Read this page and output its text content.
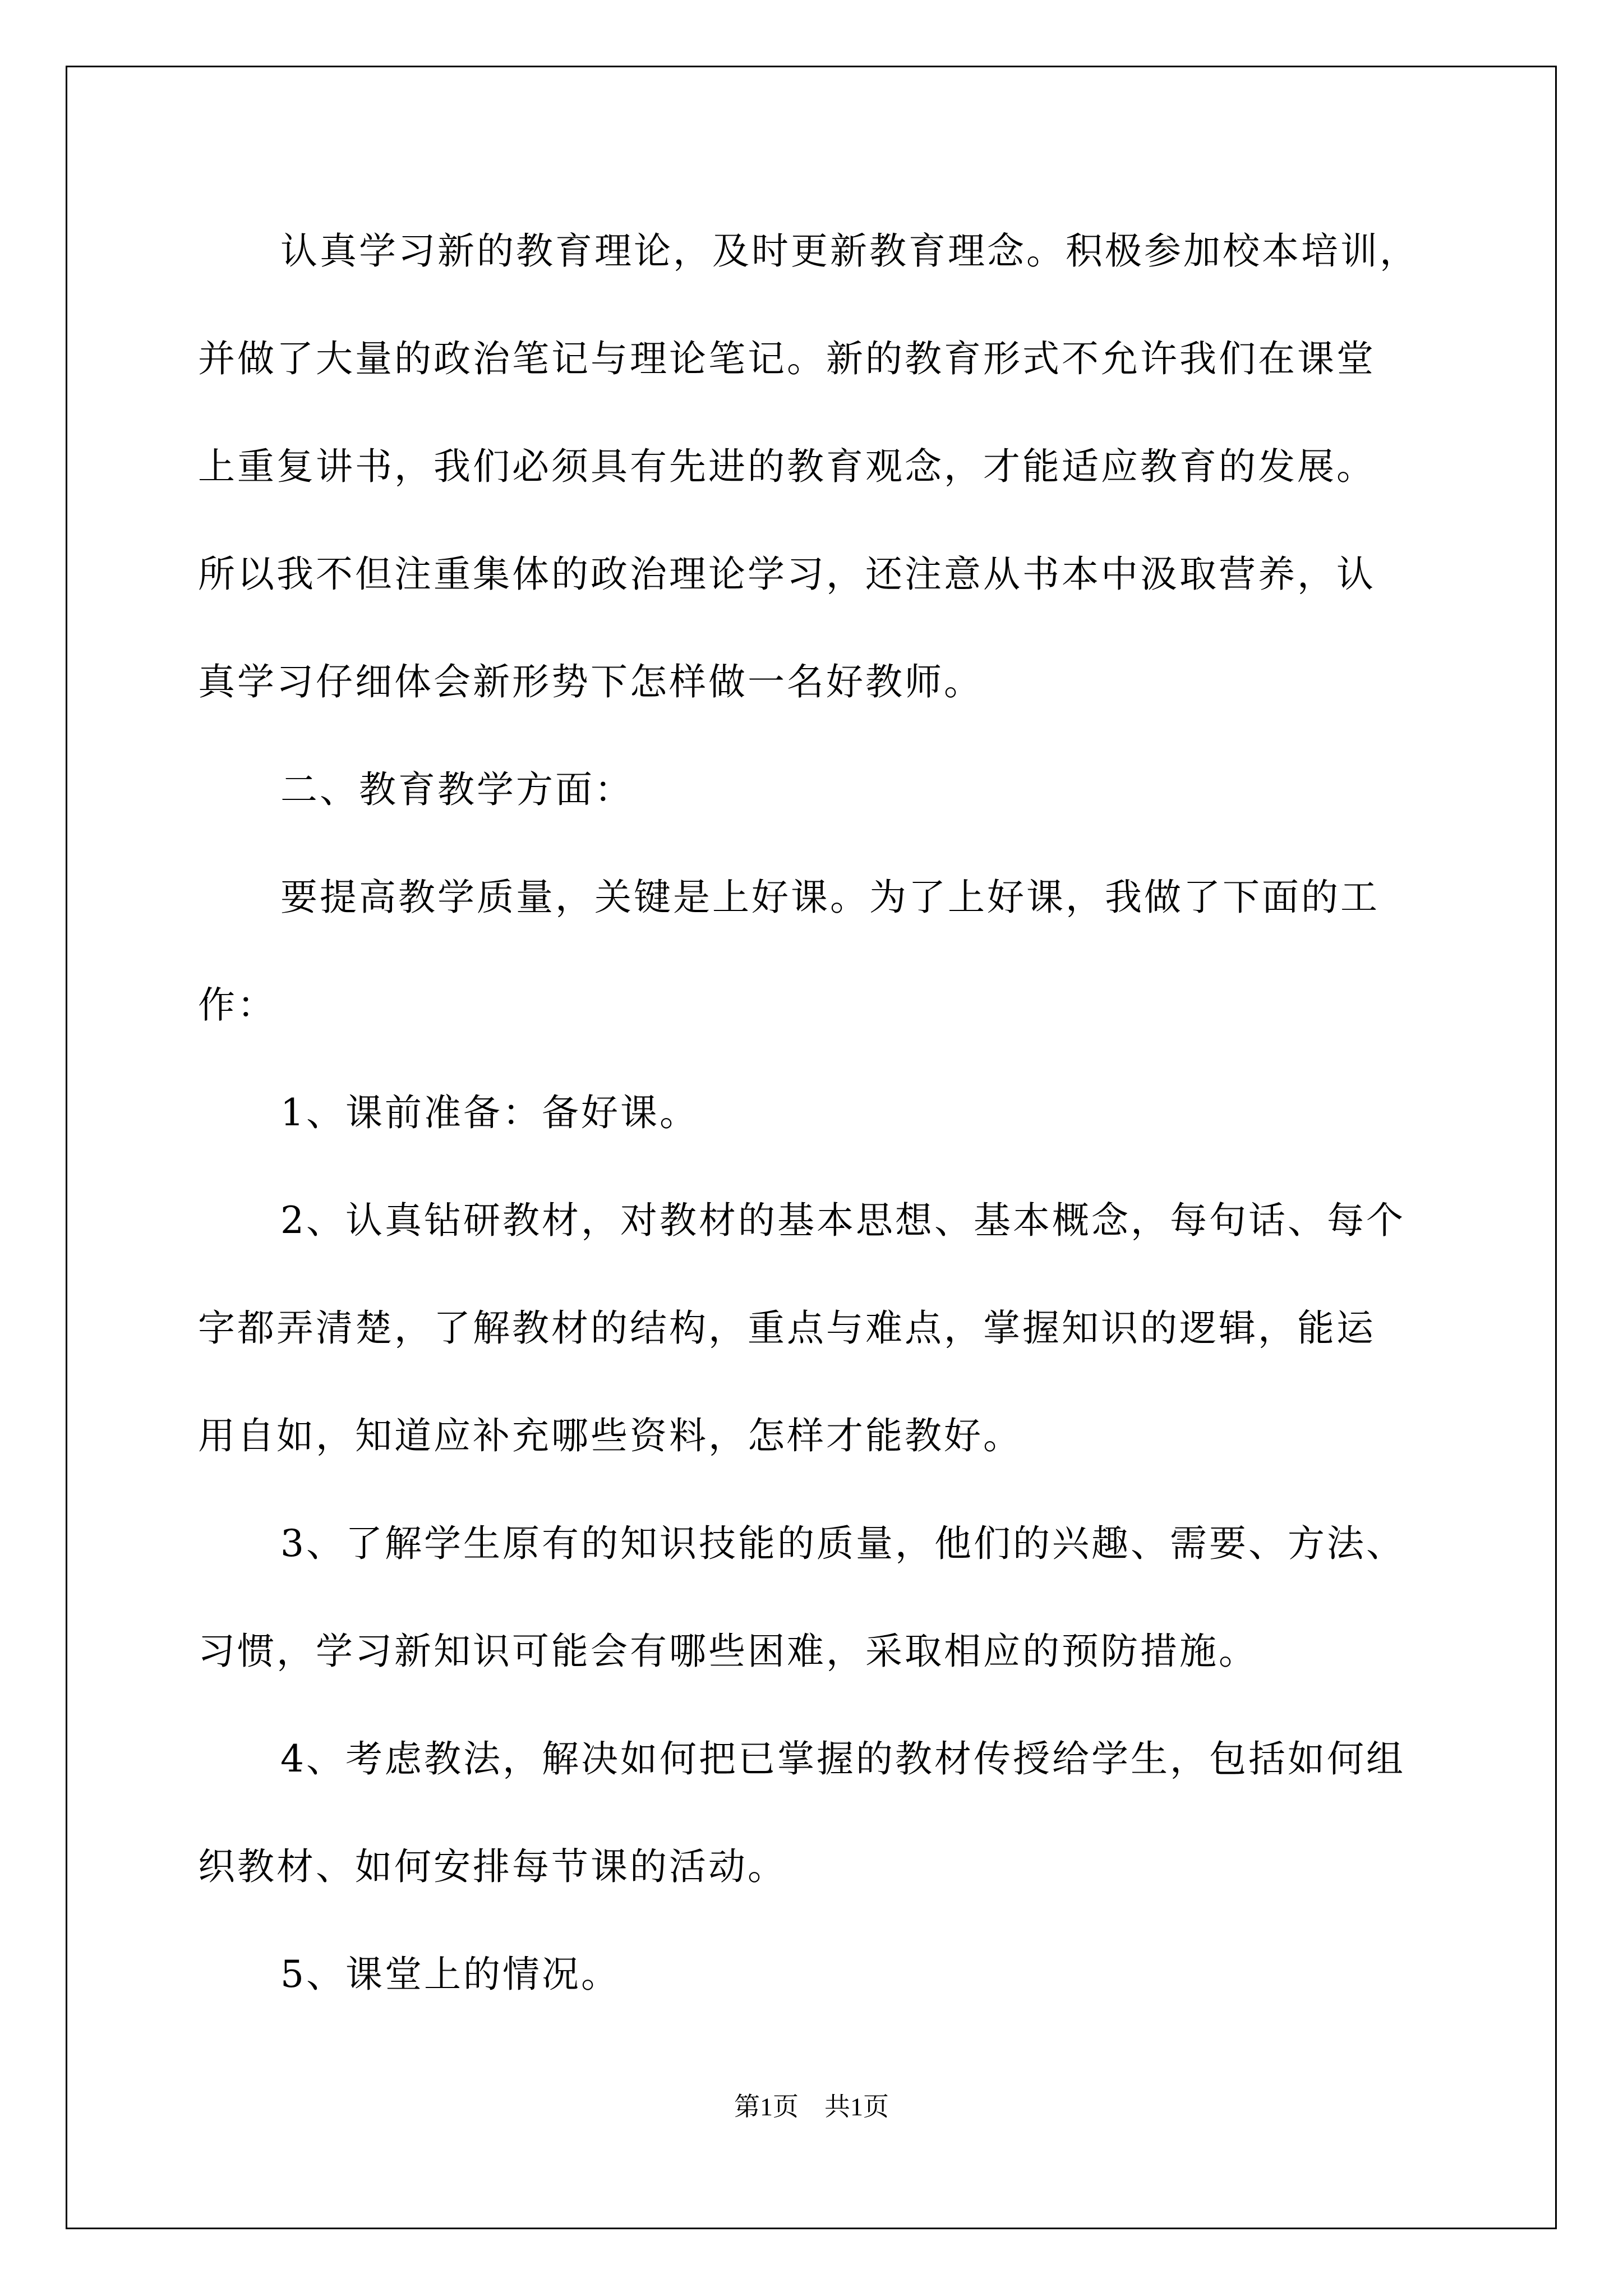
认真学习新的教育理论，及时更新教育理念。积极参加校本培训，
并做了大量的政治笔记与理论笔记。新的教育形式不允许我们在课堂
上重复讲书，我们必须具有先进的教育观念，才能适应教育的发展。
所以我不但注重集体的政治理论学习，还注意从书本中汲取营养，认
真学习仔细体会新形势下怎样做一名好教师。
二、教育教学方面：
要提高教学质量，关键是上好课。为了上好课，我做了下面的工
作：
1、课前准备：备好课。
2、认真钻研教材，对教材的基本思想、基本概念，每句话、每个
字都弄清楚，了解教材的结构，重点与难点，掌握知识的逻辑，能运
用自如，知道应补充哪些资料，怎样才能教好。
3、了解学生原有的知识技能的质量，他们的兴趣、需要、方法、
习惯，学习新知识可能会有哪些困难，采取相应的预防措施。
4、考虑教法，解决如何把已掌握的教材传授给学生，包括如何组
织教材、如何安排每节课的活动。
5、课堂上的情况。
第1页　共1页
